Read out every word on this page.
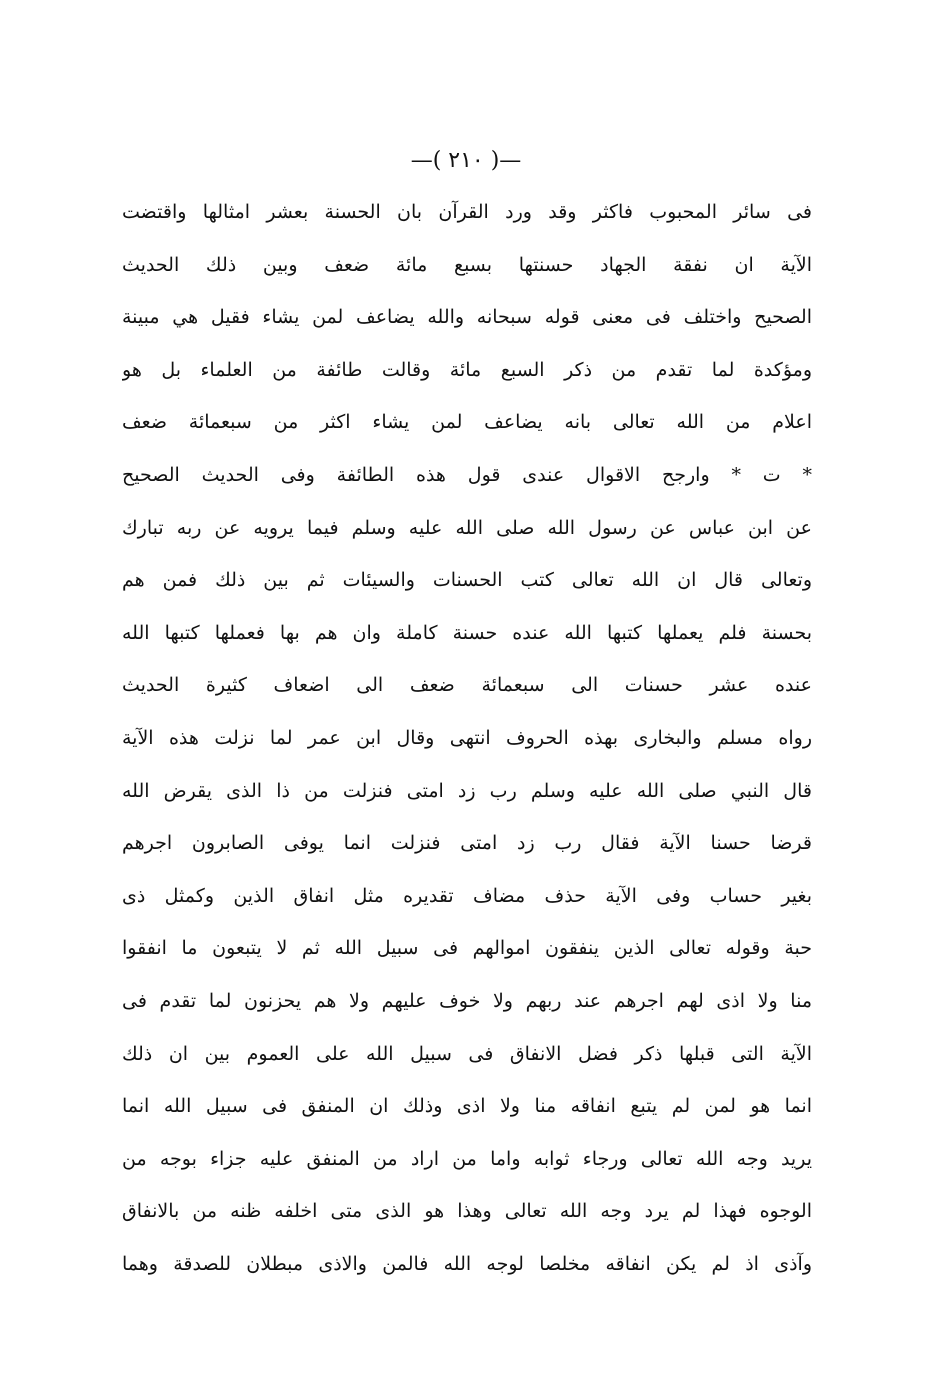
—( ٢١٠ )—
فى سائر المحبوب فاكثر وقد ورد القرآن بان الحسنة بعشر امثالها واقتضت
الآية ان نفقة الجهاد حسنتها بسبع مائة ضعف وبين ذلك الحديث
الصحيح واختلف فى معنى قوله سبحانه والله يضاعف لمن يشاء فقيل هي مبينة
ومؤكدة لما تقدم من ذكر السبع مائة وقالت طائفة من العلماء بل هو
اعلام من الله تعالى بانه يضاعف لمن يشاء اكثر من سبعمائة ضعف
* ت * وارجح الاقوال عندى قول هذه الطائفة وفى الحديث الصحيح
عن ابن عباس عن رسول الله صلى الله عليه وسلم فيما يرويه عن ربه تبارك
وتعالى قال ان الله تعالى كتب الحسنات والسيئات ثم بين ذلك فمن هم
بحسنة فلم يعملها كتبها الله عنده حسنة كاملة وان هم بها فعملها كتبها الله
عنده عشر حسنات الى سبعمائة ضعف الى اضعاف كثيرة الحديث
رواه مسلم والبخارى بهذه الحروف انتهى وقال ابن عمر لما نزلت هذه الآية
قال النبي صلى الله عليه وسلم رب زد امتى فنزلت من ذا الذى يقرض الله
قرضا حسنا الآية فقال رب زد امتى فنزلت انما يوفى الصابرون اجرهم
بغير حساب وفى الآية حذف مضاف تقديره مثل انفاق الذين وكمثل ذى
حبة وقوله تعالى الذين ينفقون اموالهم فى سبيل الله ثم لا يتبعون ما انفقوا
منا ولا اذى لهم اجرهم عند ربهم ولا خوف عليهم ولا هم يحزنون لما تقدم فى
الآية التى قبلها ذكر فضل الانفاق فى سبيل الله على العموم بين ان ذلك
انما هو لمن لم يتبع انفاقه منا ولا اذى وذلك ان المنفق فى سبيل الله انما
يريد وجه الله تعالى ورجاء ثوابه واما من اراد من المنفق عليه جزاء بوجه من
الوجوه فهذا لم يرد وجه الله تعالى وهذا هو الذى متى اخلفه ظنه من بالانفاق
وآذى اذ لم يكن انفاقه مخلصا لوجه الله فالمن والاذى مبطلان للصدقة وهما
